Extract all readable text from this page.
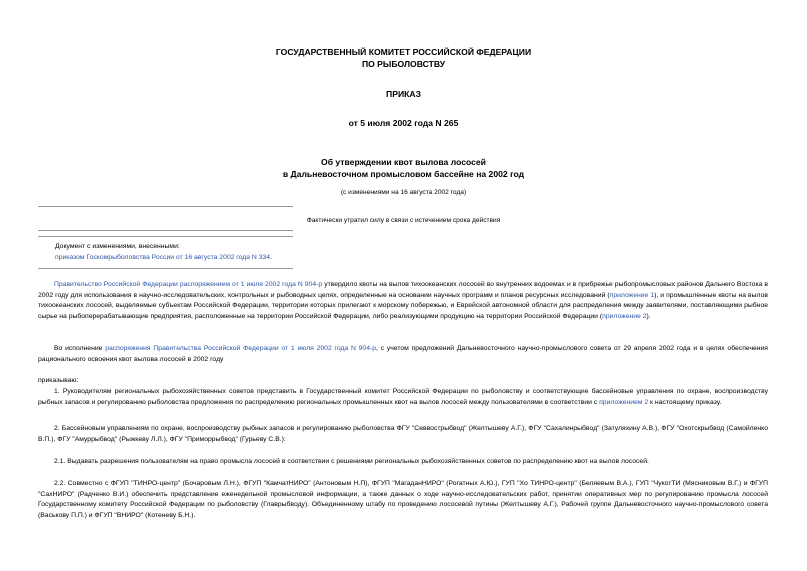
ГОСУДАРСТВЕННЫЙ КОМИТЕТ РОССИЙСКОЙ ФЕДЕРАЦИИ
ПО РЫБОЛОВСТВУ
ПРИКАЗ
от 5 июля 2002 года N 265
Об утверждении квот вылова лососей
в Дальневосточном промысловом бассейне на 2002 год
(с изменениями на 16 августа 2002 года)
Фактически утратил силу в связи с истечением срока действия
Документ с изменениями, внесенными:
приказом Госкомрыболовства России от 16 августа 2002 года N 334.
Правительство Российской Федерации распоряжением от 1 июля 2002 года N 904-р утвердило квоты на вылов тихоокеанских лососей во внутренних водоемах и в прибрежье рыбопромысловых районов Дальнего Востока в 2002 году для использования в научно-исследовательских, контрольных и рыбоводных целях, определенные на основании научных программ и планов ресурсных исследований (приложение 1), и промышленные квоты на вылов тихоокеанских лососей, выделяемые субъектам Российской Федерации, территории которых прилегают к морскому побережью, и Еврейской автономной области для распределения между заявителями, поставляющими рыбное сырье на рыбоперерабатывающие предприятия, расположенные на территории Российской Федерации, либо реализующими продукцию на территории Российской Федерации (приложение 2).
Во исполнение распоряжения Правительства Российской Федерации от 1 июля 2002 года N 904-р, с учетом предложений Дальневосточного научно-промыслового совета от 29 апреля 2002 года и в целях обеспечения рационального освоения квот вылова лососей в 2002 году
приказываю:
1. Руководителям региональных рыбохозяйственных советов представить в Государственный комитет Российской Федерации по рыболовству и соответствующие бассейновые управления по охране, воспроизводству рыбных запасов и регулированию рыболовства предложения по распределению региональных промышленных квот на вылов лососей между пользователями в соответствии с приложением 2 к настоящему приказу.
2. Бассейновым управлениям по охране, воспроизводству рыбных запасов и регулированию рыболовства ФГУ "Севвострыбвод" (Желтышеву А.Г.), ФГУ "Сахалинрыбвод" (Затуляхину А.В.), ФГУ "Охотскрыбвод (Самойленко В.П.), ФГУ "Амуррыбвод" (Рыжкеву Л.Л.), ФГУ "Приморрыбвод" (Гурьеву С.В.):
2.1. Выдавать разрешения пользователям на право промысла лососей в соответствии с решениями региональных рыбохозяйственных советов по распределению квот на вылов лососей.
2.2. Совместно с ФГУП "ТИНРО-центр" (Бочаровым Л.Н.), ФГУП "КамчатНИРО" (Антоновым Н.П), ФГУП "МагаданНИРО" (Рогатных А.Ю.), ГУП "Хо ТИНРО-центр" (Беляевым В.А.), ГУП "ЧукотТИ (Мясниковым В.Г.) и ФГУП "СахНИРО" (Радченко В.И.) обеспечить представление еженедельной промысловой информации, а также данных о ходе научно-исследовательских работ, принятии оперативных мер по регулированию промысла лососей Государственному комитету Российской Федерации по рыболовству (Главрыбводу). Объединенному штабу по проведению лососевой путины (Желтышеву А.Г.), Рабочей группе Дальневосточного научно-промыслового совета (Васькову П.П.) и ФГУП "ВНИРО" (Котеневу Б.Н.).
